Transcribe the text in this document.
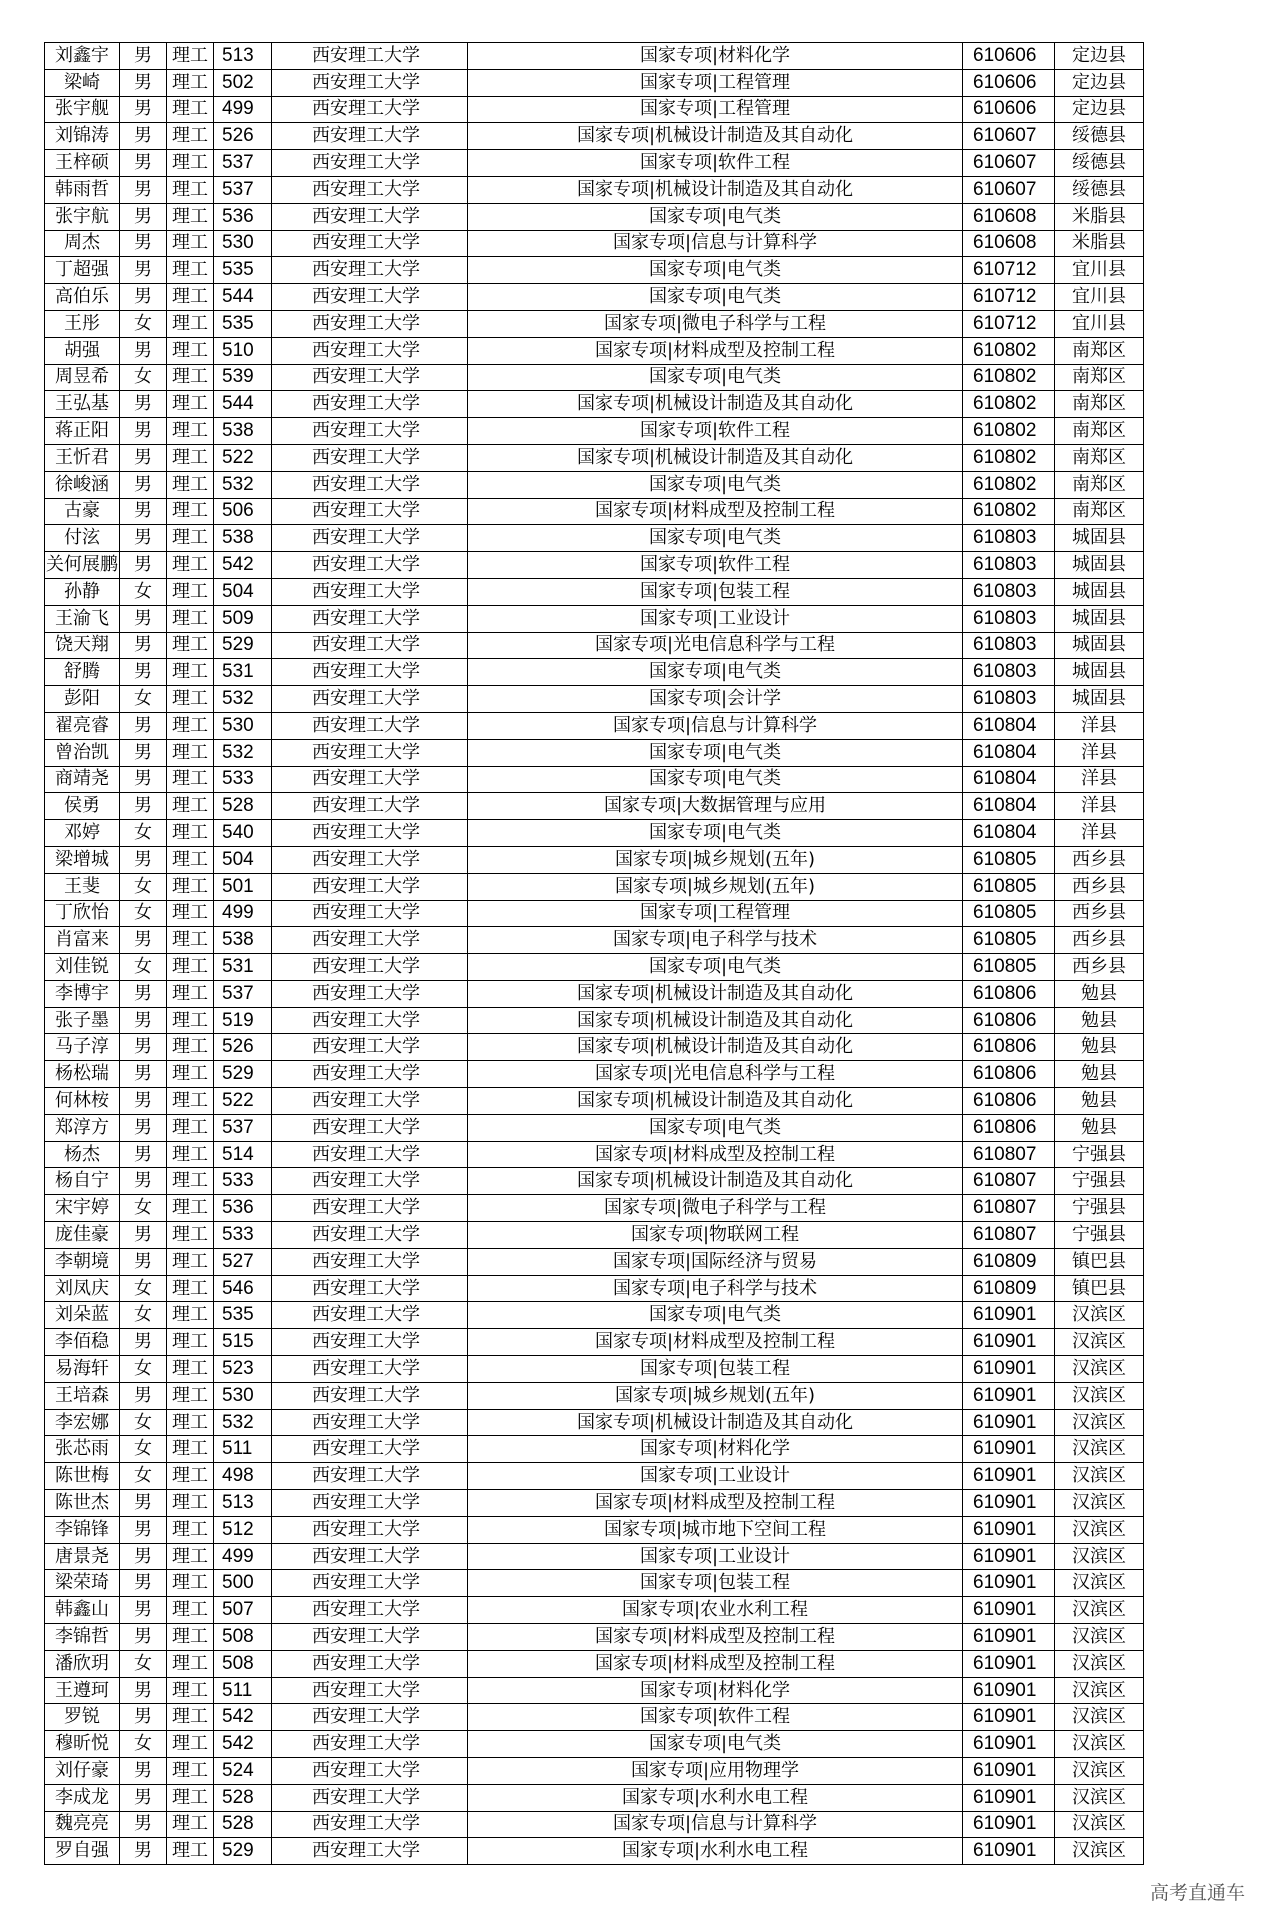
刘鑫宇	男	理工	513	西安理工大学	国家专项|材料化学	610606	定边县
梁崎	男	理工	502	西安理工大学	国家专项|工程管理	610606	定边县
张宇舰	男	理工	499	西安理工大学	国家专项|工程管理	610606	定边县
刘锦涛	男	理工	526	西安理工大学	国家专项|机械设计制造及其自动化	610607	绥德县
王梓硕	男	理工	537	西安理工大学	国家专项|软件工程	610607	绥德县
韩雨哲	男	理工	537	西安理工大学	国家专项|机械设计制造及其自动化	610607	绥德县
张宇航	男	理工	536	西安理工大学	国家专项|电气类	610608	米脂县
周杰	男	理工	530	西安理工大学	国家专项|信息与计算科学	610608	米脂县
丁超强	男	理工	535	西安理工大学	国家专项|电气类	610712	宜川县
高伯乐	男	理工	544	西安理工大学	国家专项|电气类	610712	宜川县
王彤	女	理工	535	西安理工大学	国家专项|微电子科学与工程	610712	宜川县
胡强	男	理工	510	西安理工大学	国家专项|材料成型及控制工程	610802	南郑区
周昱希	女	理工	539	西安理工大学	国家专项|电气类	610802	南郑区
王弘基	男	理工	544	西安理工大学	国家专项|机械设计制造及其自动化	610802	南郑区
蒋正阳	男	理工	538	西安理工大学	国家专项|软件工程	610802	南郑区
王忻君	男	理工	522	西安理工大学	国家专项|机械设计制造及其自动化	610802	南郑区
徐峻涵	男	理工	532	西安理工大学	国家专项|电气类	610802	南郑区
古豪	男	理工	506	西安理工大学	国家专项|材料成型及控制工程	610802	南郑区
付泫	男	理工	538	西安理工大学	国家专项|电气类	610803	城固县
关何展鹏	男	理工	542	西安理工大学	国家专项|软件工程	610803	城固县
孙静	女	理工	504	西安理工大学	国家专项|包装工程	610803	城固县
王渝飞	男	理工	509	西安理工大学	国家专项|工业设计	610803	城固县
饶天翔	男	理工	529	西安理工大学	国家专项|光电信息科学与工程	610803	城固县
舒腾	男	理工	531	西安理工大学	国家专项|电气类	610803	城固县
彭阳	女	理工	532	西安理工大学	国家专项|会计学	610803	城固县
翟亮睿	男	理工	530	西安理工大学	国家专项|信息与计算科学	610804	洋县
曾治凯	男	理工	532	西安理工大学	国家专项|电气类	610804	洋县
商靖尧	男	理工	533	西安理工大学	国家专项|电气类	610804	洋县
侯勇	男	理工	528	西安理工大学	国家专项|大数据管理与应用	610804	洋县
邓婷	女	理工	540	西安理工大学	国家专项|电气类	610804	洋县
梁增城	男	理工	504	西安理工大学	国家专项|城乡规划(五年)	610805	西乡县
王斐	女	理工	501	西安理工大学	国家专项|城乡规划(五年)	610805	西乡县
丁欣怡	女	理工	499	西安理工大学	国家专项|工程管理	610805	西乡县
肖富来	男	理工	538	西安理工大学	国家专项|电子科学与技术	610805	西乡县
刘佳锐	女	理工	531	西安理工大学	国家专项|电气类	610805	西乡县
李博宇	男	理工	537	西安理工大学	国家专项|机械设计制造及其自动化	610806	勉县
张子墨	男	理工	519	西安理工大学	国家专项|机械设计制造及其自动化	610806	勉县
马子淳	男	理工	526	西安理工大学	国家专项|机械设计制造及其自动化	610806	勉县
杨松瑞	男	理工	529	西安理工大学	国家专项|光电信息科学与工程	610806	勉县
何林桉	男	理工	522	西安理工大学	国家专项|机械设计制造及其自动化	610806	勉县
郑淳方	男	理工	537	西安理工大学	国家专项|电气类	610806	勉县
杨杰	男	理工	514	西安理工大学	国家专项|材料成型及控制工程	610807	宁强县
杨自宁	男	理工	533	西安理工大学	国家专项|机械设计制造及其自动化	610807	宁强县
宋宇婷	女	理工	536	西安理工大学	国家专项|微电子科学与工程	610807	宁强县
庞佳豪	男	理工	533	西安理工大学	国家专项|物联网工程	610807	宁强县
李朝境	男	理工	527	西安理工大学	国家专项|国际经济与贸易	610809	镇巴县
刘凤庆	女	理工	546	西安理工大学	国家专项|电子科学与技术	610809	镇巴县
刘朵蓝	女	理工	535	西安理工大学	国家专项|电气类	610901	汉滨区
李佰稳	男	理工	515	西安理工大学	国家专项|材料成型及控制工程	610901	汉滨区
易海轩	女	理工	523	西安理工大学	国家专项|包装工程	610901	汉滨区
王培森	男	理工	530	西安理工大学	国家专项|城乡规划(五年)	610901	汉滨区
李宏娜	女	理工	532	西安理工大学	国家专项|机械设计制造及其自动化	610901	汉滨区
张芯雨	女	理工	511	西安理工大学	国家专项|材料化学	610901	汉滨区
陈世梅	女	理工	498	西安理工大学	国家专项|工业设计	610901	汉滨区
陈世杰	男	理工	513	西安理工大学	国家专项|材料成型及控制工程	610901	汉滨区
李锦锋	男	理工	512	西安理工大学	国家专项|城市地下空间工程	610901	汉滨区
唐景尧	男	理工	499	西安理工大学	国家专项|工业设计	610901	汉滨区
梁荣琦	男	理工	500	西安理工大学	国家专项|包装工程	610901	汉滨区
韩鑫山	男	理工	507	西安理工大学	国家专项|农业水利工程	610901	汉滨区
李锦哲	男	理工	508	西安理工大学	国家专项|材料成型及控制工程	610901	汉滨区
潘欣玥	女	理工	508	西安理工大学	国家专项|材料成型及控制工程	610901	汉滨区
王遵珂	男	理工	511	西安理工大学	国家专项|材料化学	610901	汉滨区
罗锐	男	理工	542	西安理工大学	国家专项|软件工程	610901	汉滨区
穆昕悦	女	理工	542	西安理工大学	国家专项|电气类	610901	汉滨区
刘仔豪	男	理工	524	西安理工大学	国家专项|应用物理学	610901	汉滨区
李成龙	男	理工	528	西安理工大学	国家专项|水利水电工程	610901	汉滨区
魏亮亮	男	理工	528	西安理工大学	国家专项|信息与计算科学	610901	汉滨区
罗自强	男	理工	529	西安理工大学	国家专项|水利水电工程	610901	汉滨区
高考直通车
